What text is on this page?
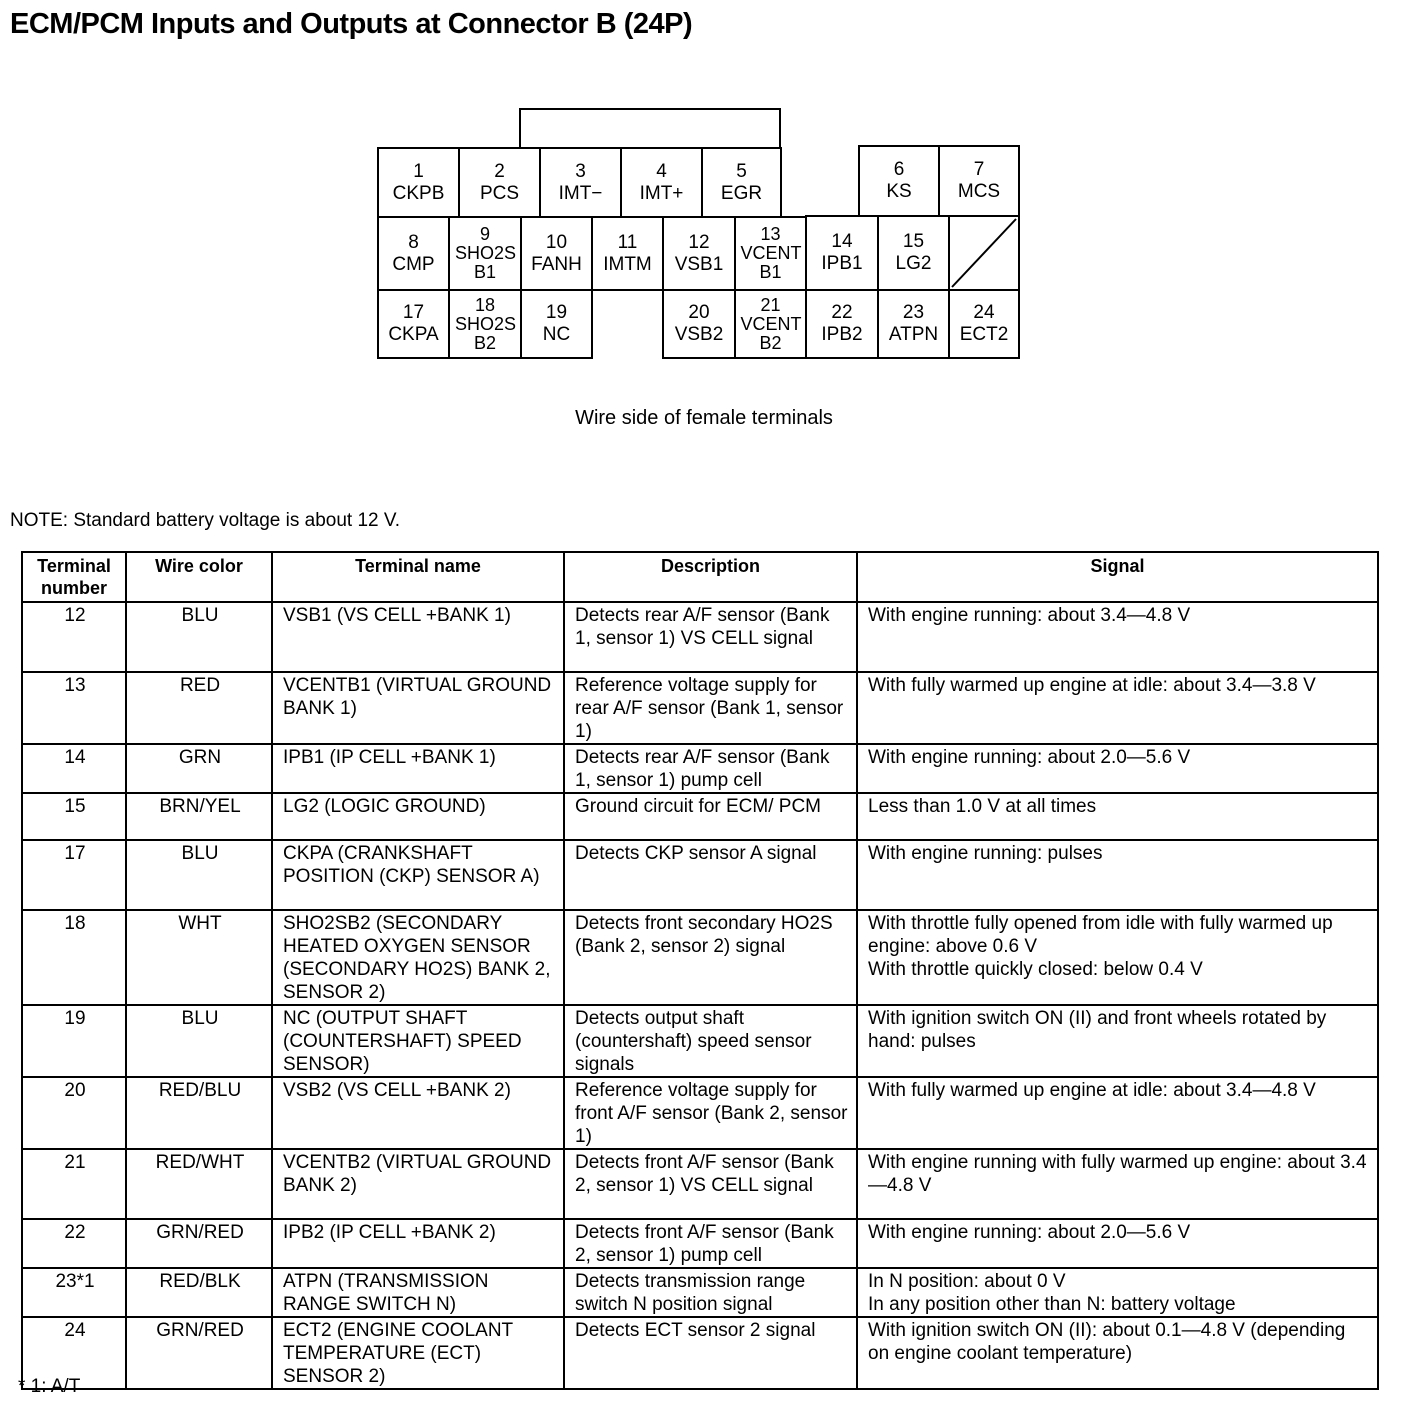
ECM/PCM Inputs and Outputs at Connector B (24P)
1
CKPB
2
PCS
3
IMT−
4
IMT+
5
EGR
6
KS
7
MCS
8
CMP
9
SHO2S B1
10
FANH
11
IMTM
12
VSB1
13
VCENT B1
14
IPB1
15
LG2
17
CKPA
18
SHO2S B2
19
NC
20
VSB2
21
VCENT B2
22
IPB2
23
ATPN
24
ECT2
Wire side of female terminals
NOTE: Standard battery voltage is about 12 V.
Terminal number	Wire color	Terminal name	Description	Signal
12	BLU	VSB1 (VS CELL +BANK 1)	Detects rear A/F sensor (Bank 1, sensor 1) VS CELL signal	With engine running: about 3.4—4.8 V
13	RED	VCENTB1 (VIRTUAL GROUND BANK 1)	Reference voltage supply for rear A/F sensor (Bank 1, sensor 1)	With fully warmed up engine at idle: about 3.4—3.8 V
14	GRN	IPB1 (IP CELL +BANK 1)	Detects rear A/F sensor (Bank 1, sensor 1) pump cell	With engine running: about 2.0—5.6 V
15	BRN/YEL	LG2 (LOGIC GROUND)	Ground circuit for ECM/ PCM	Less than 1.0 V at all times
17	BLU	CKPA (CRANKSHAFT POSITION (CKP) SENSOR A)	Detects CKP sensor A signal	With engine running: pulses
18	WHT	SHO2SB2 (SECONDARY HEATED OXYGEN SENSOR (SECONDARY HO2S) BANK 2, SENSOR 2)	Detects front secondary HO2S (Bank 2, sensor 2) signal	With throttle fully opened from idle with fully warmed up engine: above 0.6 V
With throttle quickly closed: below 0.4 V
19	BLU	NC (OUTPUT SHAFT (COUNTERSHAFT) SPEED SENSOR)	Detects output shaft (countershaft) speed sensor signals	With ignition switch ON (II) and front wheels rotated by hand: pulses
20	RED/BLU	VSB2 (VS CELL +BANK 2)	Reference voltage supply for front A/F sensor (Bank 2, sensor 1)	With fully warmed up engine at idle: about 3.4—4.8 V
21	RED/WHT	VCENTB2 (VIRTUAL GROUND BANK 2)	Detects front A/F sensor (Bank 2, sensor 1) VS CELL signal	With engine running with fully warmed up engine: about 3.4—4.8 V
22	GRN/RED	IPB2 (IP CELL +BANK 2)	Detects front A/F sensor (Bank 2, sensor 1) pump cell	With engine running: about 2.0—5.6 V
23*1	RED/BLK	ATPN (TRANSMISSION RANGE SWITCH N)	Detects transmission range switch N position signal	In N position: about 0 V
In any position other than N: battery voltage
24	GRN/RED	ECT2 (ENGINE COOLANT TEMPERATURE (ECT) SENSOR 2)	Detects ECT sensor 2 signal	With ignition switch ON (II): about 0.1—4.8 V (depending on engine coolant temperature)
* 1: A/T
